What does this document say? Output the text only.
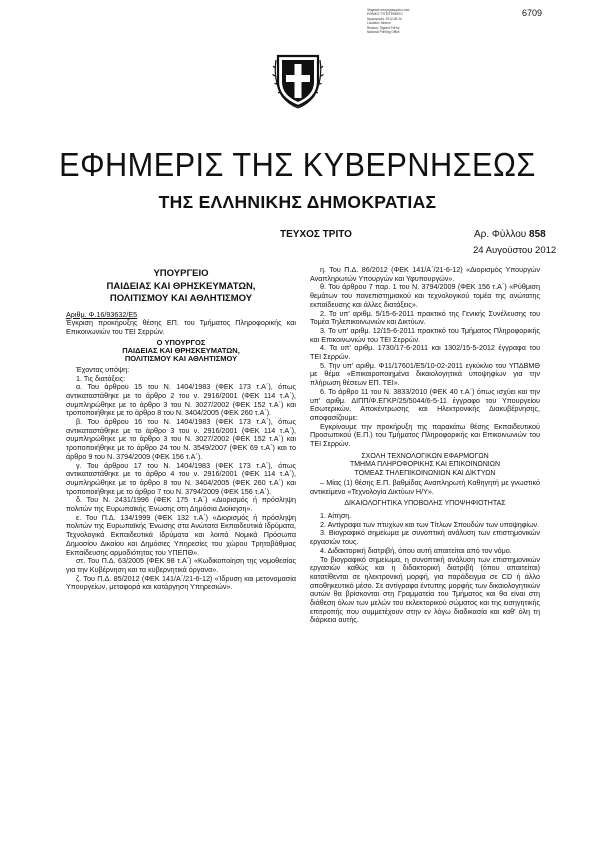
6709
Ψηφιακά υπογεγραμμένο από
ΕΘΝΙΚΟ ΤΥΠΟΓΡΑΦΕΙΟ
Ημερομηνία: 2012.08.24
Location: Athens
Reason: Signed Pdf by
National Printing Office
ΕΦΗΜΕΡΙΣ ΤΗΣ ΚΥΒΕΡΝΗΣΕΩΣ
ΤΗΣ ΕΛΛΗΝΙΚΗΣ ΔΗΜΟΚΡΑΤΙΑΣ
ΤΕΥΧΟΣ ΤΡΙΤΟ	Αρ. Φύλλου 858
24 Αυγούστου 2012
ΥΠΟΥΡΓΕΙΟ
ΠΑΙΔΕΙΑΣ ΚΑΙ ΘΡΗΣΚΕΥΜΑΤΩΝ,
ΠΟΛΙΤΙΣΜΟΥ ΚΑΙ ΑΘΛΗΤΙΣΜΟΥ

Αριθμ. Φ.16/93632/Ε5

Έγκριση προκήρυξης θέσης ΕΠ. του Τμήματος Πληροφορικής και Επικοινωνιών του ΤΕΙ Σερρών.

Ο ΥΠΟΥΡΓΟΣ
ΠΑΙΔΕΙΑΣ ΚΑΙ ΘΡΗΣΚΕΥΜΑΤΩΝ,
ΠΟΛΙΤΙΣΜΟΥ ΚΑΙ ΑΘΛΗΤΙΣΜΟΥ

Έχοντας υπόψη:

1. Τις διατάξεις:

α. Του άρθρου 15 του Ν. 1404/1983 (ΦΕΚ 173 τ.Α΄), όπως αντικαταστάθηκε με το άρθρο 2 του ν. 2916/2001 (ΦΕΚ 114 τ.Α΄), συμπληρώθηκε με το άρθρο 3 του Ν. 3027/2002 (ΦΕΚ 152 τ.Α΄) και τροποποιήθηκε με το άρθρο 8 του Ν. 3404/2005 (ΦΕΚ 260 τ.Α΄).

β. Του άρθρου 16 του Ν. 1404/1983 (ΦΕΚ 173 τ.Α΄), όπως αντικαταστάθηκε με το άρθρο 3 του ν. 2916/2001 (ΦΕΚ 114 τ.Α΄), συμπληρώθηκε με το άρθρο 3 του Ν. 3027/2002 (ΦΕΚ 152 τ.Α΄) και τροποποιήθηκε με το άρθρο 24 του Ν. 3549/2007 (ΦΕΚ 69 τ.Α΄) και το άρθρο 9 του Ν. 3794/2009 (ΦΕΚ 156 τ.Α΄).

γ. Του άρθρου 17 του Ν. 1404/1983 (ΦΕΚ 173 τ.Α΄), όπως αντικαταστάθηκε με το άρθρο 4 του ν. 2916/2001 (ΦΕΚ 114 τ.Α΄), συμπληρώθηκε με το άρθρο 8 του Ν. 3404/2005 (ΦΕΚ 260 τ.Α΄) και τροποποιήθηκε με το άρθρο 7 του Ν. 3794/2009 (ΦΕΚ 156 τ.Α΄).

δ. Του Ν. 2431/1996 (ΦΕΚ 175 τ.Α΄) «Διορισμός ή πρόσληψη πολιτών της Ευρωπαϊκής Ένωσης στη Δημόσια Διοίκηση».

ε. Του Π.Δ. 134/1999 (ΦΕΚ 132 τ.Α΄) «Διορισμός ή πρόσληψη πολιτών της Ευρωπαϊκής Ένωσης στα Ανώτατα Εκπαιδευτικά Ιδρύματα, Τεχνολογικά Εκπαιδευτικά Ιδρύματα και λοιπά Νομικά Πρόσωπα Δημοσίου Δικαίου και Δημόσιες Υπηρεσίες του χώρου Τρητοβάθμιας Εκπαίδευσης αρμοδιότητας του ΥΠΕΠΘ».

στ. Του Π.Δ. 63/2005 (ΦΕΚ 98 τ.Α΄) «Κωδικοποίηση της νομοθεσίας για την Κυβέρνηση και τα κυβερνητικά όργανα».

ζ. Του Π.Δ. 85/2012 (ΦΕΚ 141/Α΄/21-6-12) «Ίδρυση και μετονομασία Υπουργείων, μεταφορά και κατάργηση Υπηρεσιών».

η. Του Π.Δ. 86/2012 (ΦΕΚ 141/Α΄/21-6-12) «Διορισμός Υπουργών Αναπληρωτών Υπουργών και Υφυπουργών».

θ. Του άρθρου 7 παρ. 1 του Ν. 3794/2009 (ΦΕΚ 156 τ.Α΄) «Ρύθμιση θεμάτων του πανεπιστημιακού και τεχνολογικού τομέα της ανώτατης εκπαίδευσης και άλλες διατάξεις».

2. Το υπ' αριθμ. 5/15-6-2011 πρακτικό της Γενικής Συνέλευσης του Τομέα Τηλεπικοινωνιών και Δικτύων.

3. Το υπ' αριθμ. 12/15-6-2011 πρακτικό του Τμήματος Πληροφορικής και Επικοινωνιών του ΤΕΙ Σερρών.

4. Τα υπ' αριθμ. 1730/17-6-2011 και 1302/15-5-2012 έγγραφα του ΤΕΙ Σερρών.

5. Την υπ' αριθμ. Φ11/17601/Ε5/10-02-2011 εγκύκλιο του ΥΠΔΒΜΘ με θέμα «Επικαιροποιημένα δικαιολογητικά υποψηφίων για την πλήρωση θέσεων ΕΠ. ΤΕΙ».

6. Το άρθρο 11 του Ν. 3833/2010 (ΦΕΚ 40 τ.Α΄) όπως ισχύει και την υπ' αριθμ. ΔΙΠΠ/Φ.ΕΓΚΡ/25/5044/6-5-11 έγγραφο του Υπουργείου Εσωτερικών, Αποκέντρωσης και Ηλεκτρονικής Διακυβέρνησης, αποφασίζουμε:

Εγκρίνουμε την προκήρυξη της παρακάτω θέσης Εκπαιδευτικού Προσωπικού (Ε.Π.) του Τμήματος Πληροφορικής και Επικοινωνιών του ΤΕΙ Σερρών.

ΣΧΟΛΗ ΤΕΧΝΟΛΟΓΙΚΩΝ ΕΦΑΡΜΟΓΩΝ

ΤΜΗΜΑ ΠΛΗΡΟΦΟΡΙΚΗΣ ΚΑΙ ΕΠΙΚΟΙΝΩΝΙΩΝ

ΤΟΜΕΑΣ ΤΗΛΕΠΙΚΟΙΝΩΝΙΩΝ ΚΑΙ ΔΙΚΤΥΩΝ

– Μίας (1) θέσης Ε.Π. βαθμίδας Αναπληρωτή Καθηγητή με γνωστικό αντικείμενο «Τεχνολογία Δικτύων Η/Υ».

ΔΙΚΑΙΟΛΟΓΗΤΙΚΑ ΥΠΟΒΟΛΗΣ ΥΠΟΨΗΦΙΟΤΗΤΑΣ

1. Αίτηση.

2. Αντίγραφα των πτυχίων και των Τίτλων Σπουδών των υποψηφίων.

3. Βιογραφικό σημείωμα με συνοπτική ανάλυση των επιστημονικών εργασιών τους.

4. Διδακτορική διατριβή, όπου αυτή απαιτείται από τον νόμο.

Το βιογραφικό σημείωμα, η συνοπτική ανάλυση των επιστημονικών εργασιών καθώς και η διδακτορική διατριβή (όπου απαιτείται) κατατίθενται σε ηλεκτρονική μορφή, για παράδειγμα σε CD ή άλλο αποθηκευτικό μέσο. Σε αντίγραφα έντυπης μορφής των δικαιολογητικών αυτών θα βρίσκονται στη Γραμματεία του Τμήματος και θα είναι στη διάθεση όλων των μελών του εκλεκτορικού σώματος και της εισηγητικής επιτροπής που συμμετέχουν στην εν λόγω διαδικασία και καθ' όλη τη διάρκεια αυτής.
